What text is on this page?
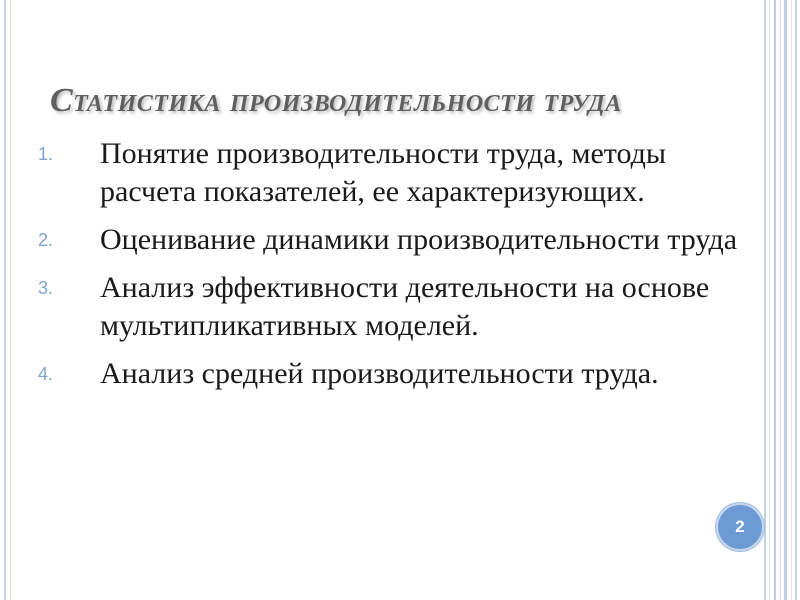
Статистика производительности труда
1.	Понятие производительности труда, методы расчета показателей, ее характеризующих.
2.	Оценивание динамики производительности труда
3.	Анализ эффективности деятельности на основе мультипликативных моделей.
4.	Анализ средней производительности труда.
2
